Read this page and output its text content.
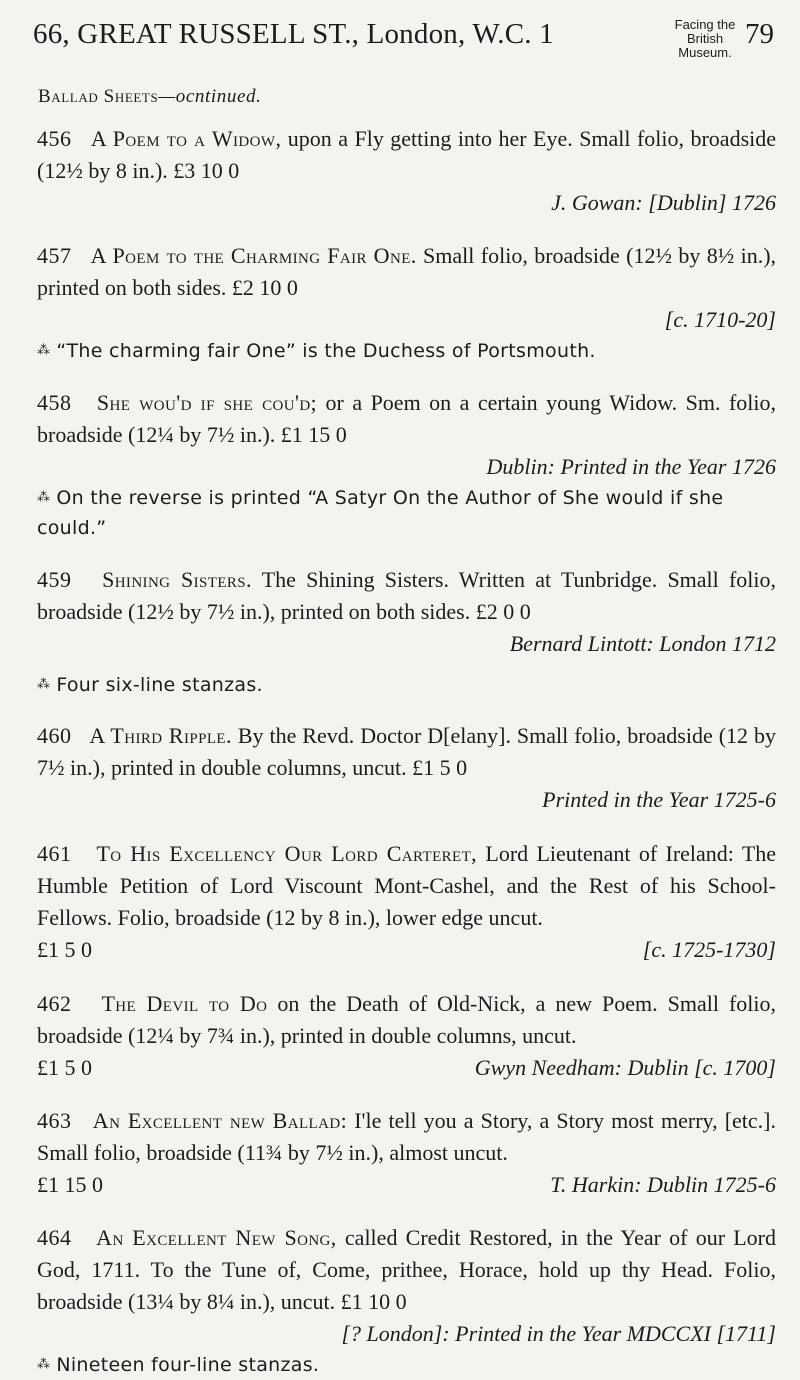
66, GREAT RUSSELL ST., London, W.C. 1	Facing the
British Museum.
79
Ballad Sheets—ocntinued.

456 A Poem to a Widow, upon a Fly getting into her Eye. Small folio, broadside (12½ by 8 in.). £3 10 0

J. Gowan: [Dublin] 1726

457 A Poem to the Charming Fair One. Small folio, broadside (12½ by 8½ in.), printed on both sides. £2 10 0

[c. 1710-20]

⁂ “The charming fair One” is the Duchess of Portsmouth.

458 She wou'd if she cou'd; or a Poem on a certain young Widow. Sm. folio, broadside (12¼ by 7½ in.). £1 15 0

Dublin: Printed in the Year 1726

⁂ On the reverse is printed “A Satyr On the Author of She would if she could.”

459 Shining Sisters. The Shining Sisters. Written at Tunbridge. Small folio, broadside (12½ by 7½ in.), printed on both sides. £2 0 0

Bernard Lintott: London 1712

⁂ Four six-line stanzas.

460 A Third Ripple. By the Revd. Doctor D[elany]. Small folio, broadside (12 by 7½ in.), printed in double columns, uncut. £1 5 0

Printed in the Year 1725-6

461 To His Excellency Our Lord Carteret, Lord Lieutenant of Ireland: The Humble Petition of Lord Viscount Mont-Cashel, and the Rest of his School-Fellows. Folio, broadside (12 by 8 in.), lower edge uncut.

£1 5 0	[c. 1725-1730]

462 The Devil to Do on the Death of Old-Nick, a new Poem. Small folio, broadside (12¼ by 7¾ in.), printed in double columns, uncut.

£1 5 0	Gwyn Needham: Dublin [c. 1700]

463 An Excellent new Ballad: I'le tell you a Story, a Story most merry, [etc.]. Small folio, broadside (11¾ by 7½ in.), almost uncut.

£1 15 0	T. Harkin: Dublin 1725-6

464 An Excellent New Song, called Credit Restored, in the Year of our Lord God, 1711. To the Tune of, Come, prithee, Horace, hold up thy Head. Folio, broadside (13¼ by 8¼ in.), uncut. £1 10 0

[? London]: Printed in the Year MDCCXI [1711]

⁂ Nineteen four-line stanzas.
